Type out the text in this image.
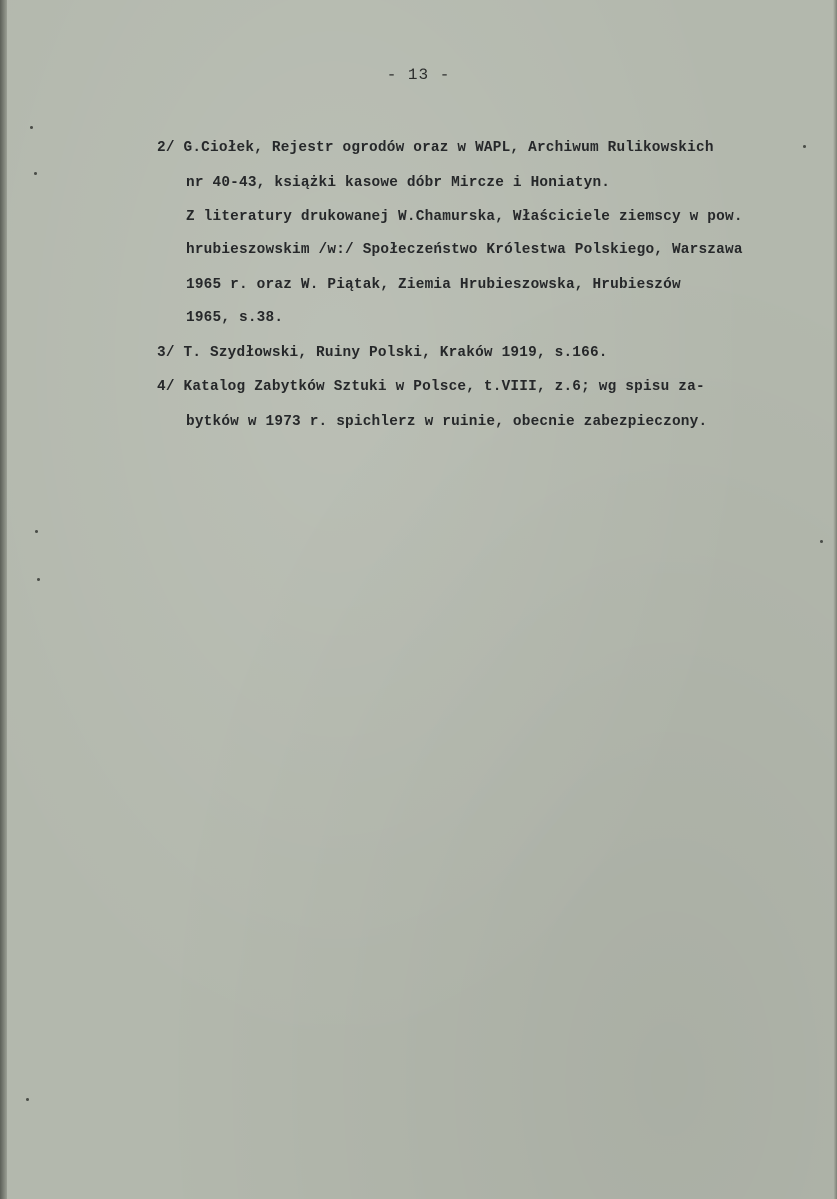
- 13 -
2/ G.Ciołek, Rejestr ogrodów oraz w WAPL, Archiwum Rulikowskich
nr 40-43, książki kasowe dóbr Mircze i Honiatyn.
Z literatury drukowanej W.Chamurska, Właściciele ziemscy w pow.
hrubieszowskim /w:/ Społeczeństwo Królestwa Polskiego, Warszawa
1965 r. oraz W. Piątak, Ziemia Hrubieszowska, Hrubieszów
1965, s.38.
3/ T. Szydłowski, Ruiny Polski, Kraków 1919, s.166.
4/ Katalog Zabytków Sztuki w Polsce, t.VIII, z.6; wg spisu za-
bytków w 1973 r. spichlerz w ruinie, obecnie zabezpieczony.
